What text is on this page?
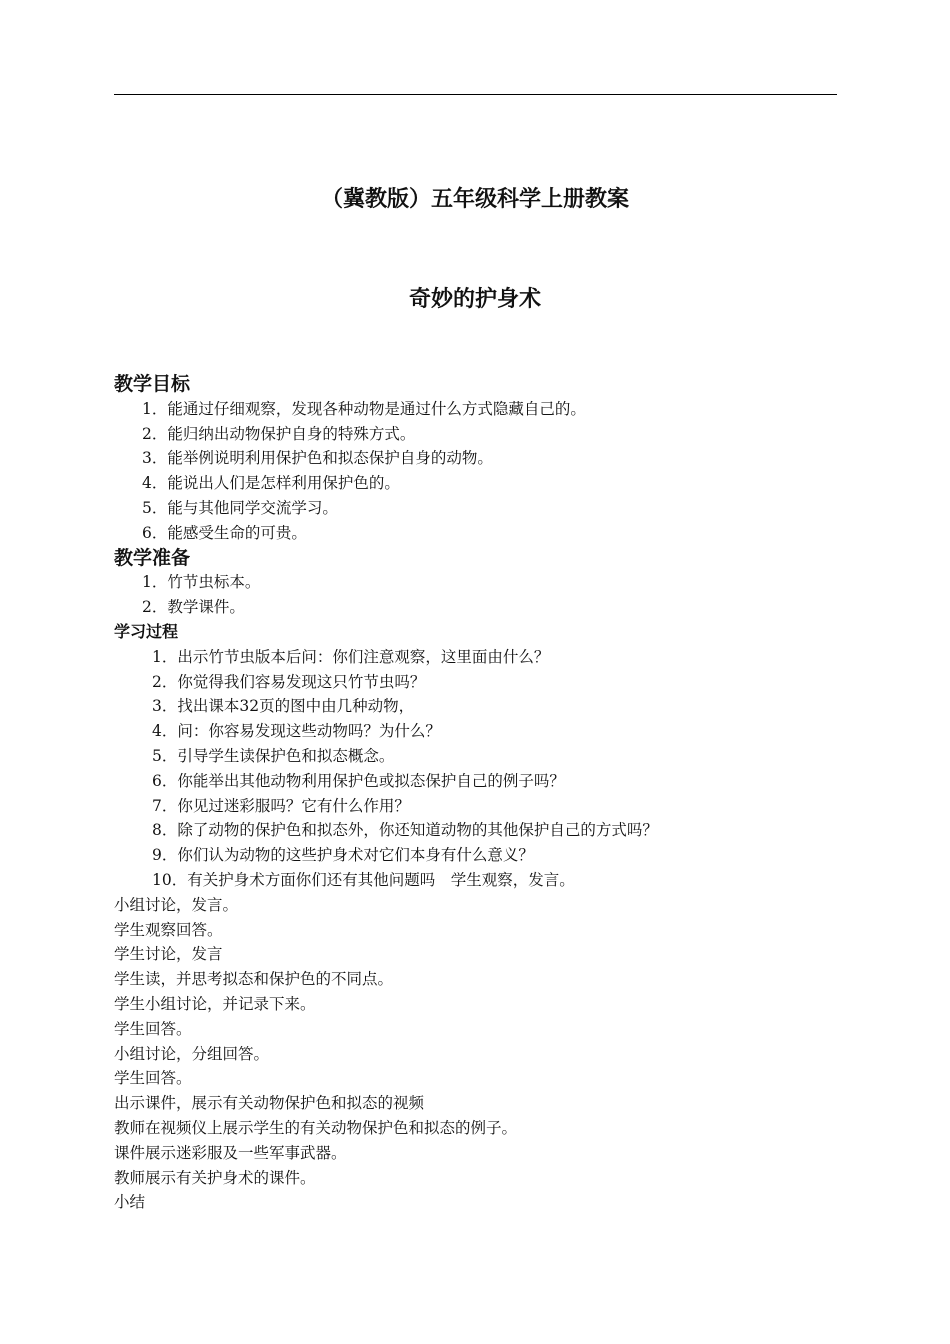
（冀教版）五年级科学上册教案
奇妙的护身术
教学目标
1．能通过仔细观察，发现各种动物是通过什么方式隐藏自己的。
2．能归纳出动物保护自身的特殊方式。
3．能举例说明利用保护色和拟态保护自身的动物。
4．能说出人们是怎样利用保护色的。
5．能与其他同学交流学习。
6．能感受生命的可贵。
教学准备
1．竹节虫标本。
2．教学课件。
学习过程
1．出示竹节虫版本后问：你们注意观察，这里面由什么？
2．你觉得我们容易发现这只竹节虫吗？
3．找出课本32页的图中由几种动物，
4．问：你容易发现这些动物吗？为什么？
5．引导学生读保护色和拟态概念。
6．你能举出其他动物利用保护色或拟态保护自己的例子吗？
7．你见过迷彩服吗？它有什么作用？
8．除了动物的保护色和拟态外，你还知道动物的其他保护自己的方式吗？
9．你们认为动物的这些护身术对它们本身有什么意义？
10．有关护身术方面你们还有其他问题吗　学生观察，发言。
小组讨论，发言。
学生观察回答。
学生讨论，发言
学生读，并思考拟态和保护色的不同点。
学生小组讨论，并记录下来。
学生回答。
小组讨论，分组回答。
学生回答。
出示课件，展示有关动物保护色和拟态的视频
教师在视频仪上展示学生的有关动物保护色和拟态的例子。
课件展示迷彩服及一些军事武器。
教师展示有关护身术的课件。
小结
